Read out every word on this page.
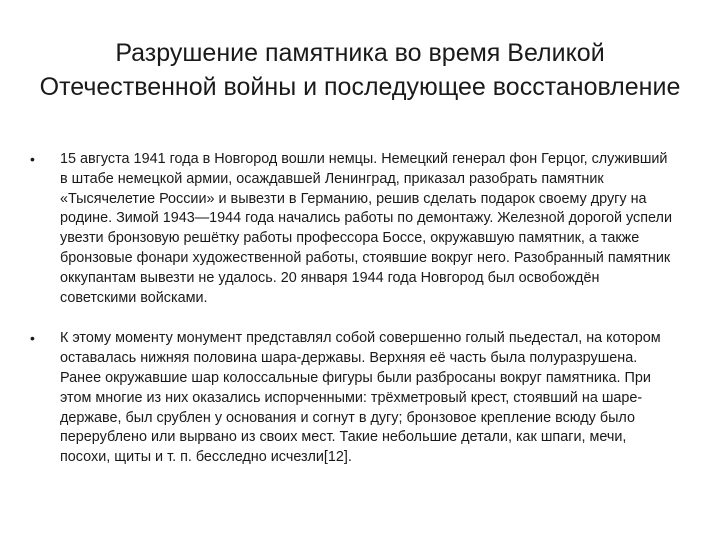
Разрушение памятника во время Великой Отечественной войны и последующее восстановление
• 15 августа 1941 года в Новгород вошли немцы. Немецкий генерал фон Герцог, служивший в штабе немецкой армии, осаждавшей Ленинград, приказал разобрать памятник «Тысячелетие России» и вывезти в Германию, решив сделать подарок своему другу на родине. Зимой 1943—1944 года начались работы по демонтажу. Железной дорогой успели увезти бронзовую решётку работы профессора Боссе, окружавшую памятник, а также бронзовые фонари художественной работы, стоявшие вокруг него. Разобранный памятник оккупантам вывезти не удалось. 20 января 1944 года Новгород был освобождён советскими войсками.
• К этому моменту монумент представлял собой совершенно голый пьедестал, на котором оставалась нижняя половина шара-державы. Верхняя её часть была полуразрушена. Ранее окружавшие шар колоссальные фигуры были разбросаны вокруг памятника. При этом многие из них оказались испорченными: трёхметровый крест, стоявший на шаре-державе, был срублен у основания и согнут в дугу; бронзовое крепление всюду было перерублено или вырвано из своих мест. Такие небольшие детали, как шпаги, мечи, посохи, щиты и т. п. бесследно исчезли[12].
